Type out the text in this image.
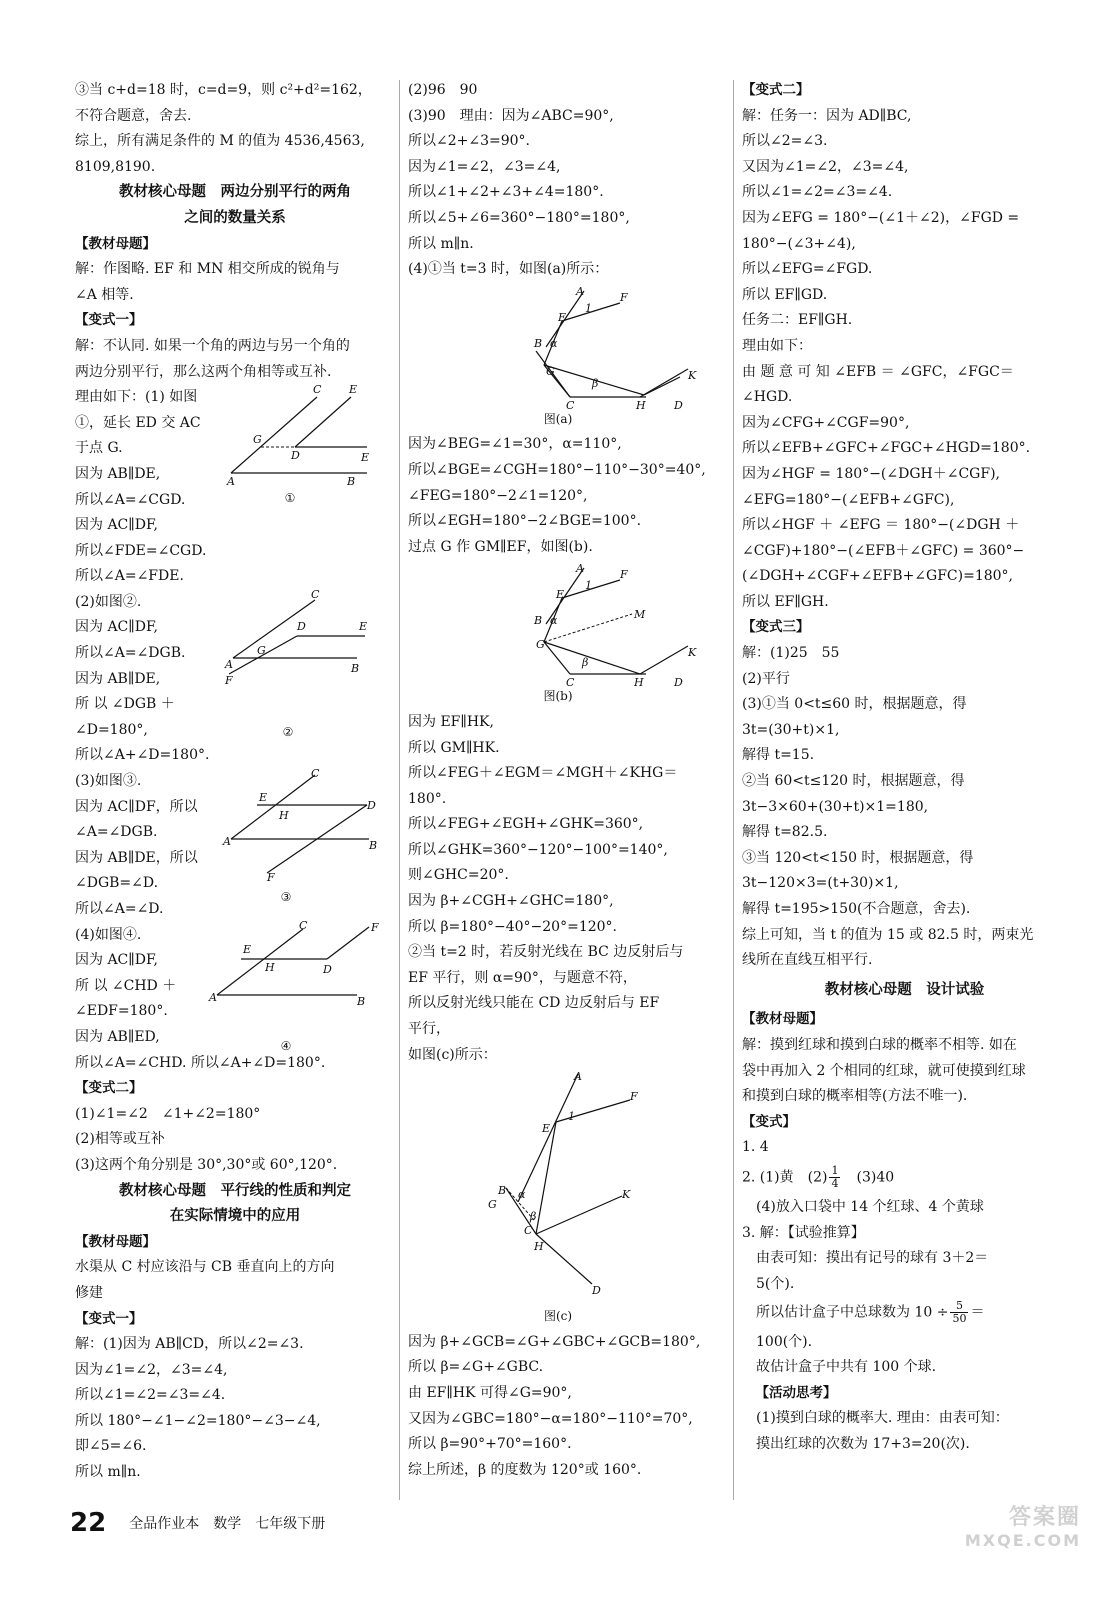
③当 c+d=18 时，c=d=9，则 c²+d²=162，
不符合题意，舍去.
综上，所有满足条件的 M 的值为 4536,4563,
8109,8190.
教材核心母题　两边分别平行的两角
之间的数量关系
【教材母题】
解：作图略. EF 和 MN 相交所成的锐角与
∠A 相等.
【变式一】
解：不认同. 如果一个角的两边与另一个角的
两边分别平行，那么这两个角相等或互补.
理由如下：(1) 如图
①，延长 ED 交 AC
于点 G.
因为 AB∥DE,
所以∠A=∠CGD.
A	B
C	E
G
D	E
①
因为 AC∥DF,
所以∠FDE=∠CGD.
所以∠A=∠FDE.
(2)如图②.
因为 AC∥DF,
所以∠A=∠DGB.
因为 AB∥DE,
所 以 ∠DGB ＋
∠D=180°,
A
F
C
D	E
G
B
②
所以∠A+∠D=180°.
(3)如图③.
因为 AC∥DF，所以
∠A=∠DGB.
因为 AB∥DE，所以
∠DGB=∠D.
C
E
H
D
A	B
F
③
所以∠A=∠D.
(4)如图④.
因为 AC∥DF,
所 以 ∠CHD ＋
∠EDF=180°.
因为 AB∥ED,
C
E
H	D
F
A	B
④
所以∠A=∠CHD. 所以∠A+∠D=180°.
【变式二】
(1)∠1=∠2　∠1+∠2=180°
(2)相等或互补
(3)这两个角分别是 30°,30°或 60°,120°.
教材核心母题　平行线的性质和判定
在实际情境中的应用
【教材母题】
水渠从 C 村应该沿与 CB 垂直向上的方向
修建
【变式一】
解：(1)因为 AB∥CD，所以∠2=∠3.
因为∠1=∠2，∠3=∠4,
所以∠1=∠2=∠3=∠4.
所以 180°−∠1−∠2=180°−∠3−∠4,
即∠5=∠6.
所以 m∥n.
(2)96　90
(3)90　理由：因为∠ABC=90°,
所以∠2+∠3=90°.
因为∠1=∠2，∠3=∠4,
所以∠1+∠2+∠3+∠4=180°.
所以∠5+∠6=360°−180°=180°,
所以 m∥n.
(4)①当 t=3 时，如图(a)所示：
A	F
1
E
B α
G
β
C	H	D
K
图(a)
因为∠BEG=∠1=30°，α=110°,
所以∠BGE=∠CGH=180°−110°−30°=40°,
∠FEG=180°−2∠1=120°,
所以∠EGH=180°−2∠BGE=100°.
过点 G 作 GM∥EF，如图(b).
A	F
1
E
B α	M
G
β
C	H	D
K
图(b)
因为 EF∥HK,
所以 GM∥HK.
所以∠FEG＋∠EGM＝∠MGH＋∠KHG＝
180°.
所以∠FEG+∠EGH+∠GHK=360°,
所以∠GHK=360°−120°−100°=140°,
则∠GHC=20°.
因为 β+∠CGH+∠GHC=180°,
所以 β=180°−40°−20°=120°.
②当 t=2 时，若反射光线在 BC 边反射后与
EF 平行，则 α=90°，与题意不符，
所以反射光线只能在 CD 边反射后与 EF
平行，
如图(c)所示：
A
F
1
E
B α
G
β
C
H
K
D
图(c)
因为 β+∠GCB=∠G+∠GBC+∠GCB=180°,
所以 β=∠G+∠GBC.
由 EF∥HK 可得∠G=90°,
又因为∠GBC=180°−α=180°−110°=70°,
所以 β=90°+70°=160°.
综上所述，β 的度数为 120°或 160°.
【变式二】
解：任务一：因为 AD∥BC,
所以∠2=∠3.
又因为∠1=∠2，∠3=∠4,
所以∠1=∠2=∠3=∠4.
因为∠EFG = 180°−(∠1＋∠2)，∠FGD =
180°−(∠3+∠4),
所以∠EFG=∠FGD.
所以 EF∥GD.
任务二：EF∥GH.
理由如下：
由 题 意 可 知 ∠EFB ＝ ∠GFC，∠FGC＝
∠HGD.
因为∠CFG+∠CGF=90°,
所以∠EFB+∠GFC+∠FGC+∠HGD=180°.
因为∠HGF = 180°−(∠DGH＋∠CGF),
∠EFG=180°−(∠EFB+∠GFC),
所以∠HGF ＋ ∠EFG ＝ 180°−(∠DGH ＋
∠CGF)+180°−(∠EFB＋∠GFC) = 360°−
(∠DGH+∠CGF+∠EFB+∠GFC)=180°,
所以 EF∥GH.
【变式三】
解：(1)25　55
(2)平行
(3)①当 0<t≤60 时，根据题意，得
3t=(30+t)×1,
解得 t=15.
②当 60<t≤120 时，根据题意，得
3t−3×60+(30+t)×1=180,
解得 t=82.5.
③当 120<t<150 时，根据题意，得
3t−120×3=(t+30)×1,
解得 t=195>150(不合题意，舍去).
综上可知，当 t 的值为 15 或 82.5 时，两束光
线所在直线互相平行.
教材核心母题　设计试验
【教材母题】
解：摸到红球和摸到白球的概率不相等. 如在
袋中再加入 2 个相同的红球，就可使摸到红球
和摸到白球的概率相等(方法不唯一).
【变式】
1. 4
2. (1)黄　$(2) \frac{1}{4}$ 　(3)40
(4)放入口袋中 14 个红球、4 个黄球
3. 解：【试验推算】
由表可知：摸出有记号的球有 3＋2＝
5(个).
所以估计盒子中总球数为 $10 \div \frac{5}{50}$ ＝
100(个).
故估计盒子中共有 100 个球.
【活动思考】
(1)摸到白球的概率大. 理由：由表可知：
摸出红球的次数为 17+3=20(次).
22 全品作业本　数学　七年级下册	答案圈
MXQE.COM
